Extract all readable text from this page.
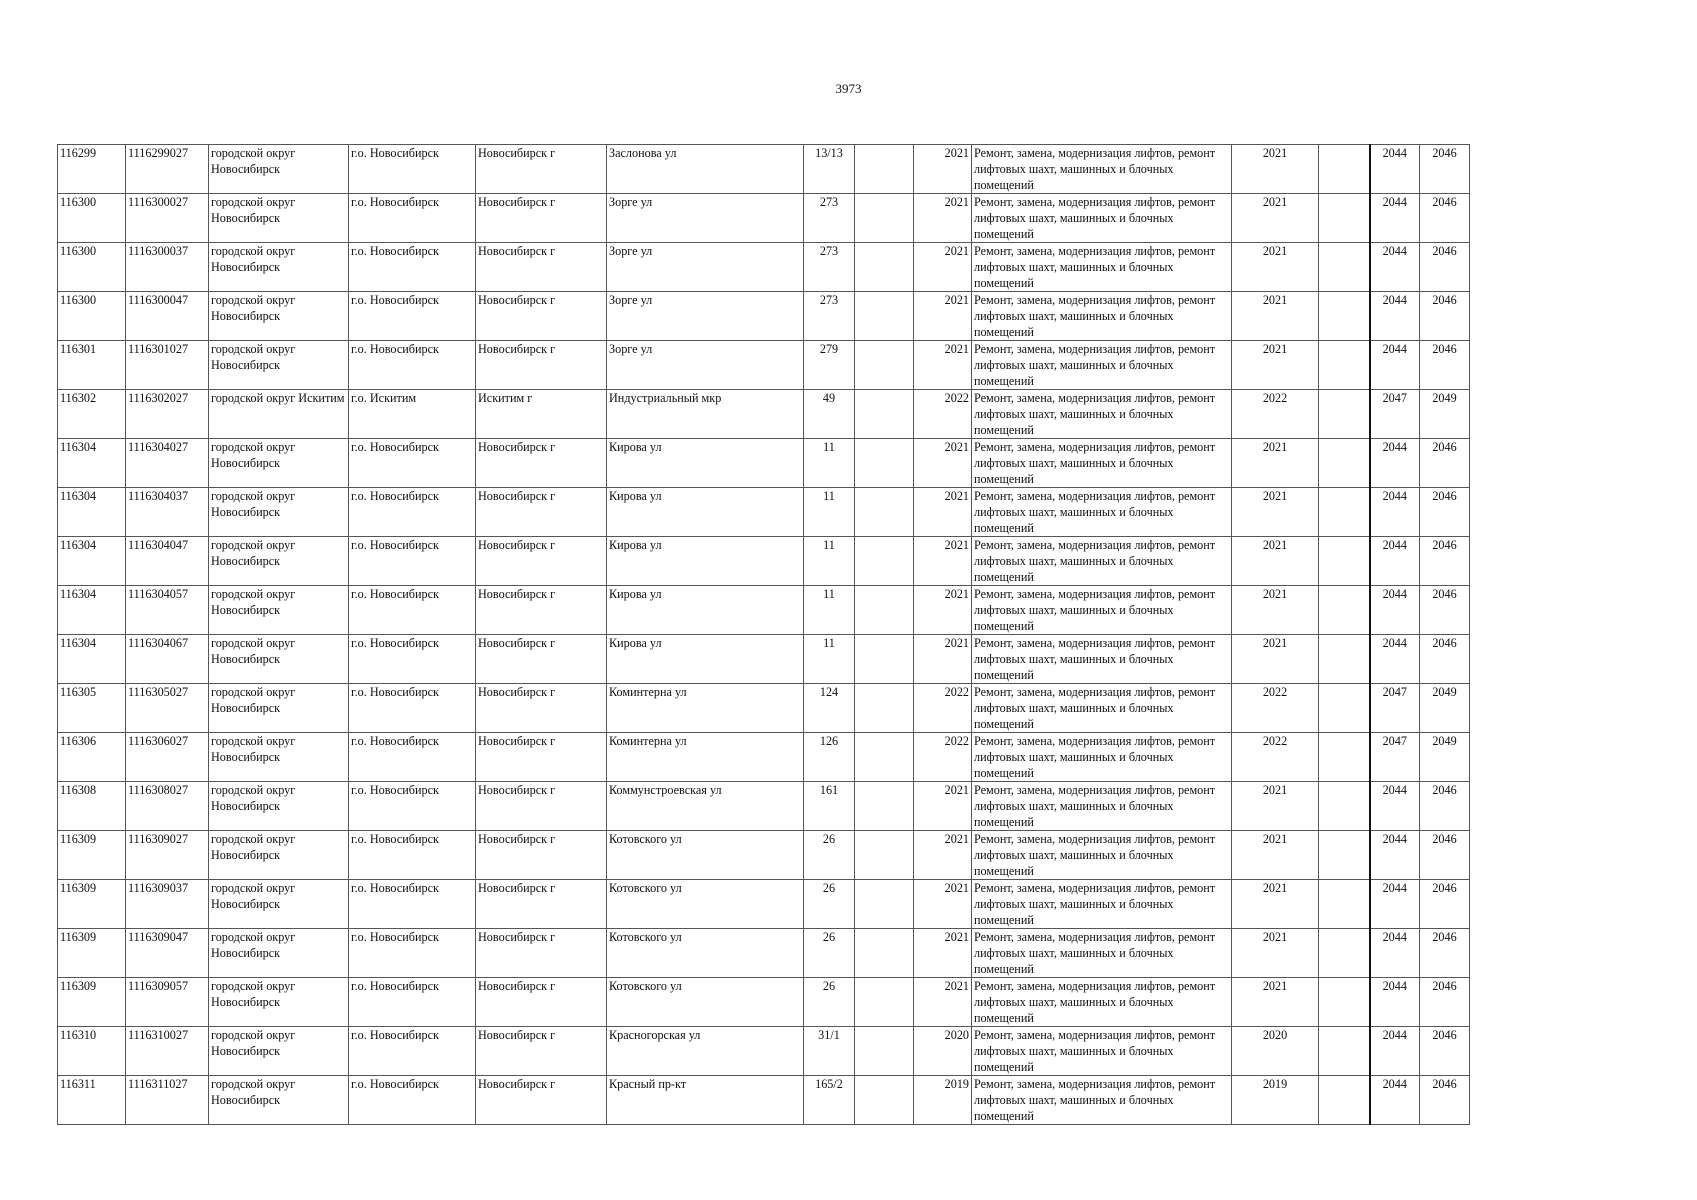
3973
116299	1116299027	городской округ Новосибирск	г.о. Новосибирск	Новосибирск г	Заслонова ул	13/13		2021	Ремонт, замена, модернизация лифтов, ремонт лифтовых шахт, машинных и блочных помещений	2021		2044	2046
116300	1116300027	городской округ Новосибирск	г.о. Новосибирск	Новосибирск г	Зорге ул	273		2021	Ремонт, замена, модернизация лифтов, ремонт лифтовых шахт, машинных и блочных помещений	2021		2044	2046
116300	1116300037	городской округ Новосибирск	г.о. Новосибирск	Новосибирск г	Зорге ул	273		2021	Ремонт, замена, модернизация лифтов, ремонт лифтовых шахт, машинных и блочных помещений	2021		2044	2046
116300	1116300047	городской округ Новосибирск	г.о. Новосибирск	Новосибирск г	Зорге ул	273		2021	Ремонт, замена, модернизация лифтов, ремонт лифтовых шахт, машинных и блочных помещений	2021		2044	2046
116301	1116301027	городской округ Новосибирск	г.о. Новосибирск	Новосибирск г	Зорге ул	279		2021	Ремонт, замена, модернизация лифтов, ремонт лифтовых шахт, машинных и блочных помещений	2021		2044	2046
116302	1116302027	городской округ Искитим	г.о. Искитим	Искитим г	Индустриальный мкр	49		2022	Ремонт, замена, модернизация лифтов, ремонт лифтовых шахт, машинных и блочных помещений	2022		2047	2049
116304	1116304027	городской округ Новосибирск	г.о. Новосибирск	Новосибирск г	Кирова ул	11		2021	Ремонт, замена, модернизация лифтов, ремонт лифтовых шахт, машинных и блочных помещений	2021		2044	2046
116304	1116304037	городской округ Новосибирск	г.о. Новосибирск	Новосибирск г	Кирова ул	11		2021	Ремонт, замена, модернизация лифтов, ремонт лифтовых шахт, машинных и блочных помещений	2021		2044	2046
116304	1116304047	городской округ Новосибирск	г.о. Новосибирск	Новосибирск г	Кирова ул	11		2021	Ремонт, замена, модернизация лифтов, ремонт лифтовых шахт, машинных и блочных помещений	2021		2044	2046
116304	1116304057	городской округ Новосибирск	г.о. Новосибирск	Новосибирск г	Кирова ул	11		2021	Ремонт, замена, модернизация лифтов, ремонт лифтовых шахт, машинных и блочных помещений	2021		2044	2046
116304	1116304067	городской округ Новосибирск	г.о. Новосибирск	Новосибирск г	Кирова ул	11		2021	Ремонт, замена, модернизация лифтов, ремонт лифтовых шахт, машинных и блочных помещений	2021		2044	2046
116305	1116305027	городской округ Новосибирск	г.о. Новосибирск	Новосибирск г	Коминтерна ул	124		2022	Ремонт, замена, модернизация лифтов, ремонт лифтовых шахт, машинных и блочных помещений	2022		2047	2049
116306	1116306027	городской округ Новосибирск	г.о. Новосибирск	Новосибирск г	Коминтерна ул	126		2022	Ремонт, замена, модернизация лифтов, ремонт лифтовых шахт, машинных и блочных помещений	2022		2047	2049
116308	1116308027	городской округ Новосибирск	г.о. Новосибирск	Новосибирск г	Коммунстроевская ул	161		2021	Ремонт, замена, модернизация лифтов, ремонт лифтовых шахт, машинных и блочных помещений	2021		2044	2046
116309	1116309027	городской округ Новосибирск	г.о. Новосибирск	Новосибирск г	Котовского ул	26		2021	Ремонт, замена, модернизация лифтов, ремонт лифтовых шахт, машинных и блочных помещений	2021		2044	2046
116309	1116309037	городской округ Новосибирск	г.о. Новосибирск	Новосибирск г	Котовского ул	26		2021	Ремонт, замена, модернизация лифтов, ремонт лифтовых шахт, машинных и блочных помещений	2021		2044	2046
116309	1116309047	городской округ Новосибирск	г.о. Новосибирск	Новосибирск г	Котовского ул	26		2021	Ремонт, замена, модернизация лифтов, ремонт лифтовых шахт, машинных и блочных помещений	2021		2044	2046
116309	1116309057	городской округ Новосибирск	г.о. Новосибирск	Новосибирск г	Котовского ул	26		2021	Ремонт, замена, модернизация лифтов, ремонт лифтовых шахт, машинных и блочных помещений	2021		2044	2046
116310	1116310027	городской округ Новосибирск	г.о. Новосибирск	Новосибирск г	Красногорская ул	31/1		2020	Ремонт, замена, модернизация лифтов, ремонт лифтовых шахт, машинных и блочных помещений	2020		2044	2046
116311	1116311027	городской округ Новосибирск	г.о. Новосибирск	Новосибирск г	Красный пр-кт	165/2		2019	Ремонт, замена, модернизация лифтов, ремонт лифтовых шахт, машинных и блочных помещений	2019		2044	2046
